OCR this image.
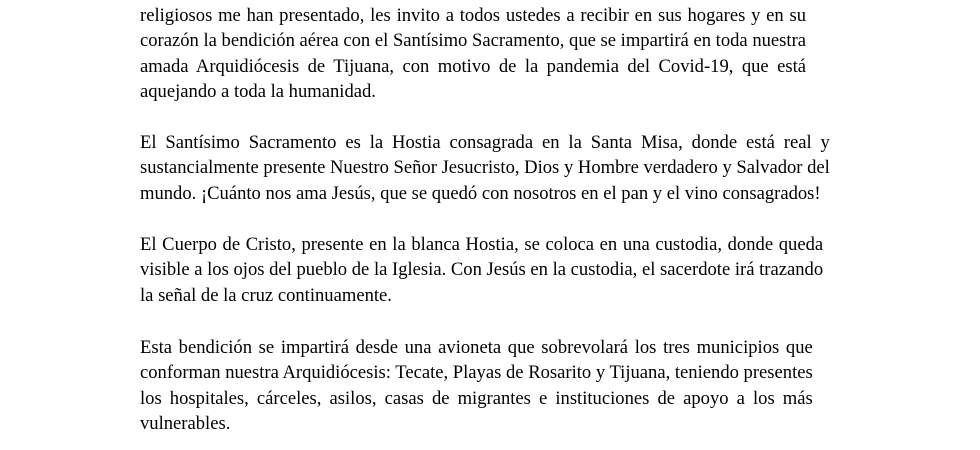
religiosos me han presentado, les invito a todos ustedes a recibir en sus hogares y en su
corazón la bendición aérea con el Santísimo Sacramento, que se impartirá en toda nuestra
amada Arquidiócesis de Tijuana, con motivo de la pandemia del Covid-19, que está
aquejando a toda la humanidad.

El Santísimo Sacramento es la Hostia consagrada en la Santa Misa, donde está real y
sustancialmente presente Nuestro Señor Jesucristo, Dios y Hombre verdadero y Salvador del
mundo. ¡Cuánto nos ama Jesús, que se quedó con nosotros en el pan y el vino consagrados!

El Cuerpo de Cristo, presente en la blanca Hostia, se coloca en una custodia, donde queda
visible a los ojos del pueblo de la Iglesia. Con Jesús en la custodia, el sacerdote irá trazando
la señal de la cruz continuamente.

Esta bendición se impartirá desde una avioneta que sobrevolará los tres municipios que
conforman nuestra Arquidiócesis: Tecate, Playas de Rosarito y Tijuana, teniendo presentes
los hospitales, cárceles, asilos, casas de migrantes e instituciones de apoyo a los más
vulnerables.
